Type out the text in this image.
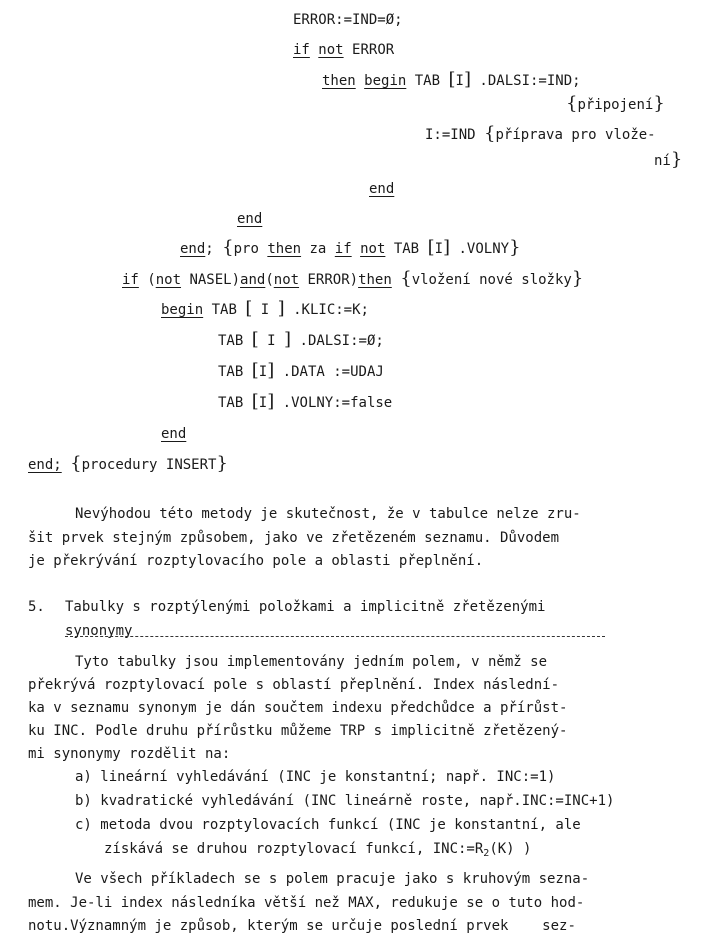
ERROR:=IND=Ø;
if not ERROR
then begin TAB [I] .DALSI:=IND;
{připojení}
I:=IND {příprava pro vlože-
ní}
end
end
end; {pro then za if not TAB [I] .VOLNY}
if (not NASEL)and(not ERROR)then {vložení nové složky}
begin TAB [ I ] .KLIC:=K;
TAB [ I ] .DALSI:=Ø;
TAB [I] .DATA :=UDAJ
TAB [I] .VOLNY:=false
end
end; {procedury INSERT}
Nevýhodou této metody je skutečnost, že v tabulce nelze zru-
šit prvek stejným způsobem, jako ve zřetězeném seznamu. Důvodem
je překrývání rozptylovacího pole a oblasti přeplnění.
5. Tabulky s rozptýlenými položkami a implicitně zřetězenými
synonymy
Tyto tabulky jsou implementovány jedním polem, v němž se
překrývá rozptylovací pole s oblastí přeplnění. Index následní-
ka v seznamu synonym je dán součtem indexu předchůdce a přírůst-
ku INC. Podle druhu přírůstku můžeme TRP s implicitně zřetězený-
mi synonymy rozdělit na:
a) lineární vyhledávání (INC je konstantní; např. INC:=1)
b) kvadratické vyhledávání (INC lineárně roste, např.INC:=INC+1)
c) metoda dvou rozptylovacích funkcí (INC je konstantní, ale
získává se druhou rozptylovací funkcí, $INC:=R_2(K)$ )
Ve všech příkladech se s polem pracuje jako s kruhovým sezna-
mem. Je-li index následníka větší než MAX, redukuje se o tuto hod-
notu.Významným je způsob, kterým se určuje poslední prvek    sez-
